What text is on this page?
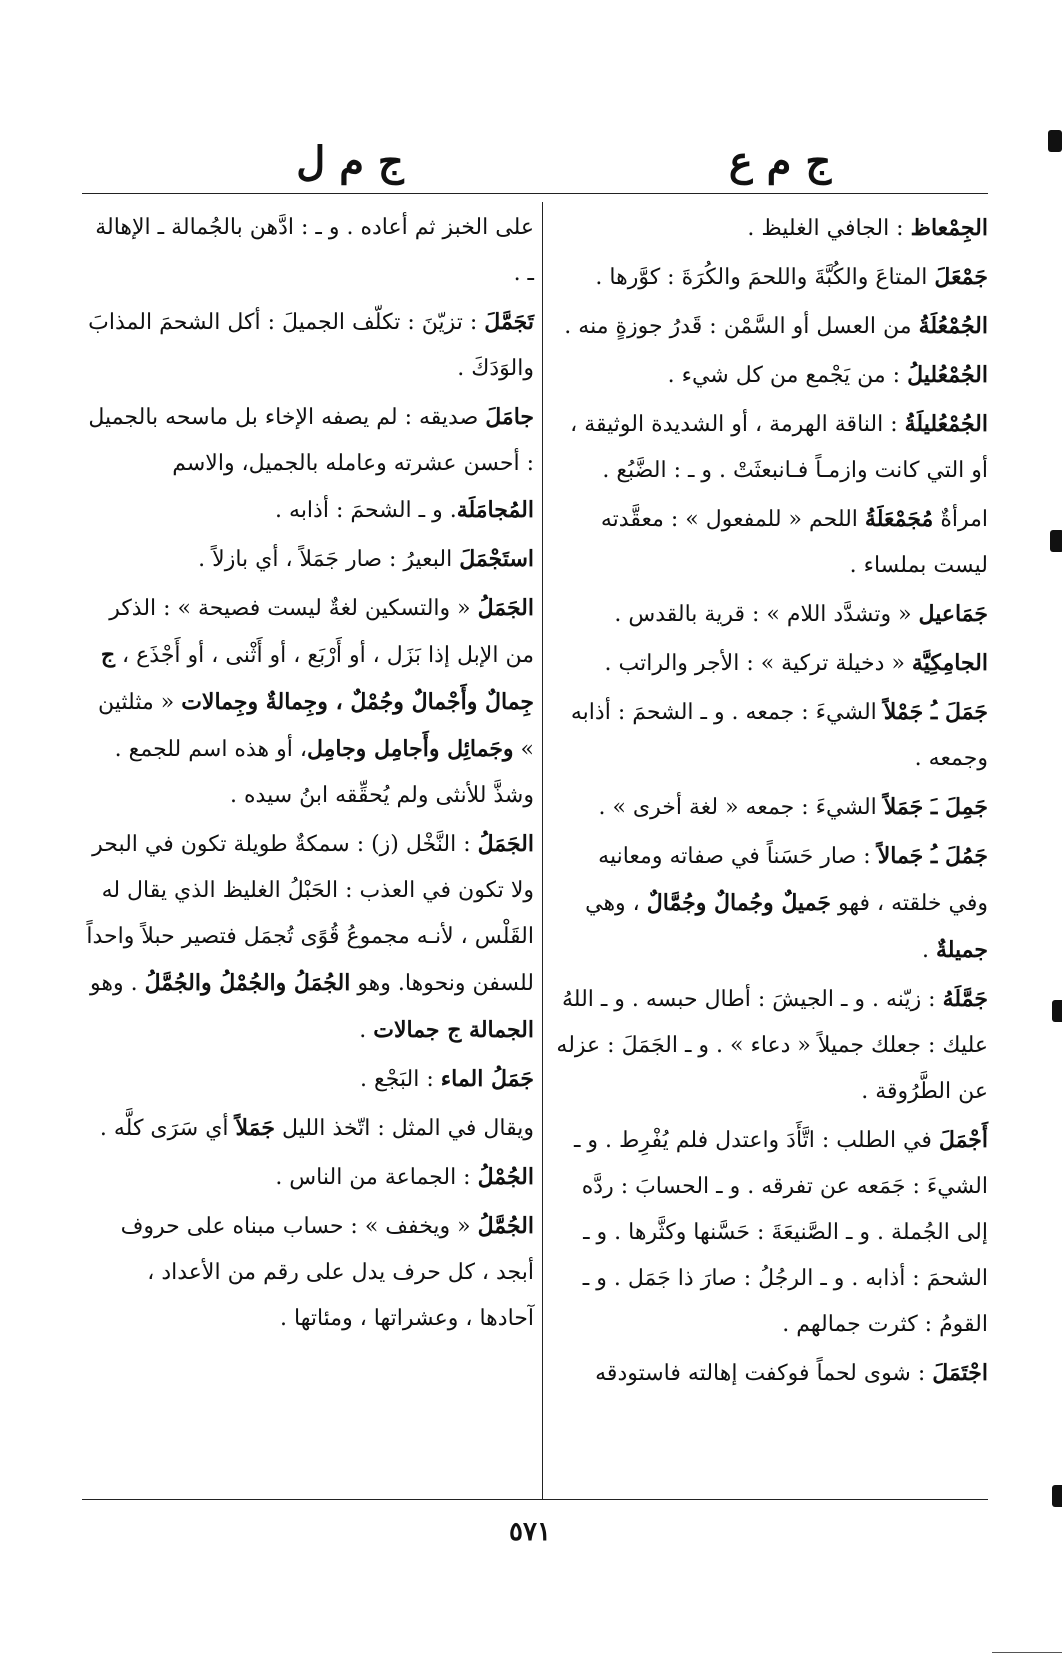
ج م ع
ج م ل

الجِمْعاظ : الجافي الغليظ .

جَمْعَلَ المتاعَ والكُبَّةَ واللحمَ والكُرَةَ : كوَّرها .

الجُمْعُلَةُ من العسل أو السَّمْن : قَدرُ جوزةٍ منه .

الجُمْعُليلُ : من يَجْمع من كل شيء .

الجُمْعُليلَةُ : الناقة الهرمة ، أو الشديدة الوثيقة ، أو التي كانت وازمـاً فـانبعثَتْ . و ـ : الضَّبُع .

امرأةٌ مُجَمْعَلَةُ اللحم « للمفعول » : معقَّدته ليست بملساء .

جَمَاعيل « وتشدَّد اللام » : قرية بالقدس .

الجامِكِيَّة « دخيلة تركية » : الأجر والراتب .

جَمَلَ ـُ جَمْلاً الشيءَ : جمعه . و ـ الشحمَ : أذابه وجمعه .

جَمِلَ ـَ جَمَلاً الشيءَ : جمعه « لغة أخرى » .

جَمُلَ ـُ جَمالاً : صار حَسَناً في صفاته ومعانيه وفي خلقته ، فهو جَميلٌ وجُمالٌ وجُمَّالٌ ، وهي جميلةٌ .

جَمَّلَهُ : زيّنه . و ـ الجيشَ : أطال حبسه . و ـ اللهُ عليك : جعلك جميلاً « دعاء » . و ـ الجَمَلَ : عزله عن الطَّرُوقة .

أَجْمَلَ في الطلب : اتَّأَدَ واعتدل فلم يُفْرِط . و ـ الشيءَ : جَمَعه عن تفرقه . و ـ الحسابَ : ردَّه إلى الجُملة . و ـ الصَّنيعَةَ : حَسَّنها وكثَّرها . و ـ الشحمَ : أذابه . و ـ الرجُلُ : صارَ ذا جَمَل . و ـ القومُ : كثرت جمالهم .

اجْتَمَلَ : شوى لحماً فوكفت إهالته فاستودقه

على الخبز ثم أعاده . و ـ : ادَّهن بالجُمالة ـ الإهالة ـ .

تَجَمَّلَ : تزيّنَ : تكلّف الجميلَ : أكل الشحمَ المذابَ والوَدَكَ .

جامَلَ صديقه : لم يصفه الإخاء بل ماسحه بالجميل : أحسن عشرته وعامله بالجميل، والاسم المُجامَلَة. و ـ الشحمَ : أذابه .

استَجْمَلَ البعيرُ : صار جَمَلاً ، أي بازلاً .

الجَمَلُ « والتسكين لغةٌ ليست فصيحة » : الذكر من الإبل إذا بَزَل ، أو أَرْبَع ، أو أَثْنى ، أو أَجْذَع ، ج جِمالٌ وأَجْمالٌ وجُمْلٌ ، وجِمالةٌ وجِمالات « مثلثين » وجَمائِل وأَجامِل وجامِل، أو هذه اسم للجمع . وشذَّ للأنثى ولم يُحقِّقه ابنُ سيده .

الجَمَلُ : النَّخْل (ز) : سمكةٌ طويلة تكون في البحر ولا تكون في العذب : الحَبْلُ الغليظ الذي يقال له القَلْس ، لأنـه مجموعُ قُوًى تُجمَل فتصير حبلاً واحداً للسفن ونحوها. وهو الجُمَلُ والجُمْلُ والجُمَّلُ . وهو الجمالة ج جمالات .

جَمَلُ الماء : البَجْع .

ويقال في المثل : اتّخذ الليل جَمَلاً أي سَرَى كلَّه .

الجُمْلُ : الجماعة من الناس .

الجُمَّلُ « ويخفف » : حساب مبناه على حروف أبجد ، كل حرف يدل على رقم من الأعداد ، آحادها ، وعشراتها ، ومئاتها .

٥٧١
